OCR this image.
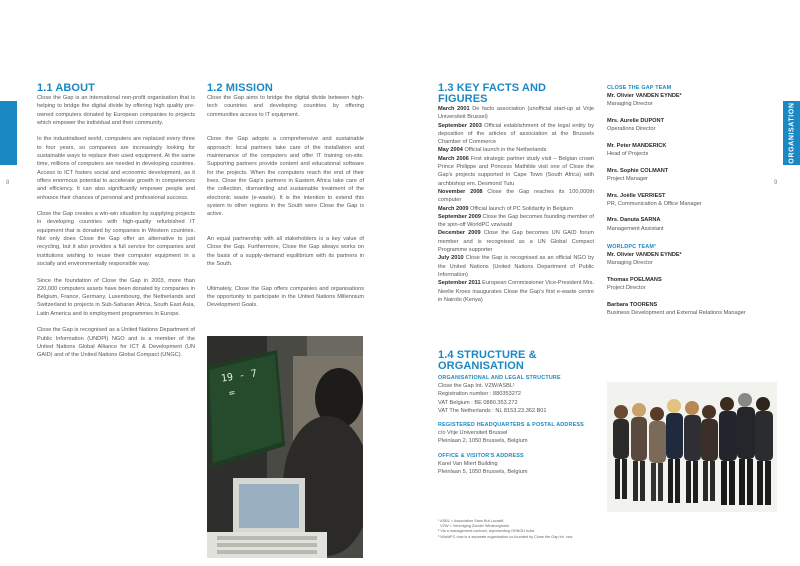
8
ORGANISATION
9
1.1 ABOUT

Close the Gap is an international non-profit organisation that is helping to bridge the digital divide by offering high quality pre-owned computers donated by European companies to projects which empower the individual and their community.

In the industrialised world, computers are replaced every three to four years, so companies are increasingly looking for sustainable ways to replace their used equipment. At the same time, millions of computers are needed in developing countries. Access to ICT fosters social and economic development, as it offers enormous potential to accelerate growth in competences and efficiency. It can also significantly empower people and enhance their chances of personal and professional success.

Close the Gap creates a win-win situation by supplying projects in developing countries with high-quality refurbished IT equipment that is donated by companies in Western countries. Not only does Close the Gap offer an alternative to just recycling, but it also provides a full service for companies and institutions wishing to reuse their computer equipment in a socially and environmentally responsible way.

Since the foundation of Close the Gap in 2003, more than 220,000 computers assets have been donated by companies in Belgium, France, Germany, Luxembourg, the Netherlands and Switzerland to projects in Sub-Saharan Africa, South East Asia, Latin America and to employment programmes in Europe.

Close the Gap is recognised as a United Nations Department of Public Information (UNDPI) NGO and is a member of the United Nations Global Alliance for ICT & Development (UN GAID) and of the United Nations Global Compact (UNGC).

1.2 MISSION

Close the Gap aims to bridge the digital divide between high-tech countries and developing countries by offering communities access to IT equipment.

Close the Gap adopts a comprehensive and sustainable approach: local partners take care of the installation and maintenance of the computers and offer IT training on-site. Supporting partners provide content and educational software for the projects. When the computers reach the end of their lives, Close the Gap's partners in Eastern Africa take care of the collection, dismantling and sustainable treatment of the electronic waste (e-waste). It is the intention to extend this system to other regions in the South were Close the Gap is active.

An equal partnership with all stakeholders is a key value of Close the Gap. Furthermore, Close the Gap always works on the basis of a supply-demand equilibrium with its partners in the South.

Ultimately, Close the Gap offers companies and organisations the opportunity to participate in the United Nations Millennium Development Goals.

19 - 7
=
1.3 KEY FACTS AND FIGURES

March 2001 De facto association (unofficial start-up at Vrije Universiteit Brussel)

September 2003 Official establishment of the legal entity by deposition of the articles of association at the Brussels Chamber of Commerce

May 2004 Official launch in the Netherlands

March 2006 First strategic partner study visit – Belgian crown Prince Philippe and Princess Mathilde visit one of Close the Gap's projects supported in Cape Town (South Africa) with archbishop em. Desmond Tutu

November 2008 Close the Gap reaches its 100,000th computer

March 2009 Official launch of PC Solidarity in Belgium

September 2009 Close the Gap becomes founding member of the spin-off WorldPC vzw/asbl

December 2009 Close the Gap becomes UN GAID forum member and is recognised as a UN Global Compact Programme supporter

July 2010 Close the Gap is recognised as an official NGO by the United Nations (United Nations Department of Public Information)

September 2011 European Commissioner Vice-President Mrs. Neelie Kroes inaugurates Close the Gap's first e-waste centre in Nairobi (Kenya)

1.4 STRUCTURE &
ORGANISATION
ORGANISATIONAL AND LEGAL STRUCTURE
Close the Gap Int. VZW/ASBL¹
Registration number : 880353272
VAT Belgium : BE 0880.353.272
VAT The Netherlands : NL 8153.23.362.B01
REGISTERED HEADQUARTERS & POSTAL ADDRESS
c/o Vrije Universiteit Brussel
Pleinlaan 2, 1050 Brussels, Belgium
OFFICE & VISITOR'S ADDRESS
Karel Van Miert Building
Pleinlaan 5, 1050 Brussels, Belgium
¹ ASBL = Association Sans But Lucratif,
VZW = Vereniging Zonder Winstoogmerk
² Via a management contract, representing OHNGH hulia
³ WorldPC now is a separate organisation co-founded by Close the Gap Int. vzw
CLOSE THE GAP TEAM
Mr. Olivier VANDEN EYNDE²
Managing Director
Mrs. Aurelie DUPONT
Operations Director
Mr. Peter MANDERICK
Head of Projects
Mrs. Sophie COLMANT
Project Manager
Mrs. Joëlle VERRIEST
PR, Communication & Office Manager
Mrs. Danuta SARNA
Management Assistant
WORLDPC TEAM³
Mr. Olivier VANDEN EYNDE²
Managing Director
Thomas POELMANS
Project Director
Barbara TOORENS
Business Development and External Relations Manager
